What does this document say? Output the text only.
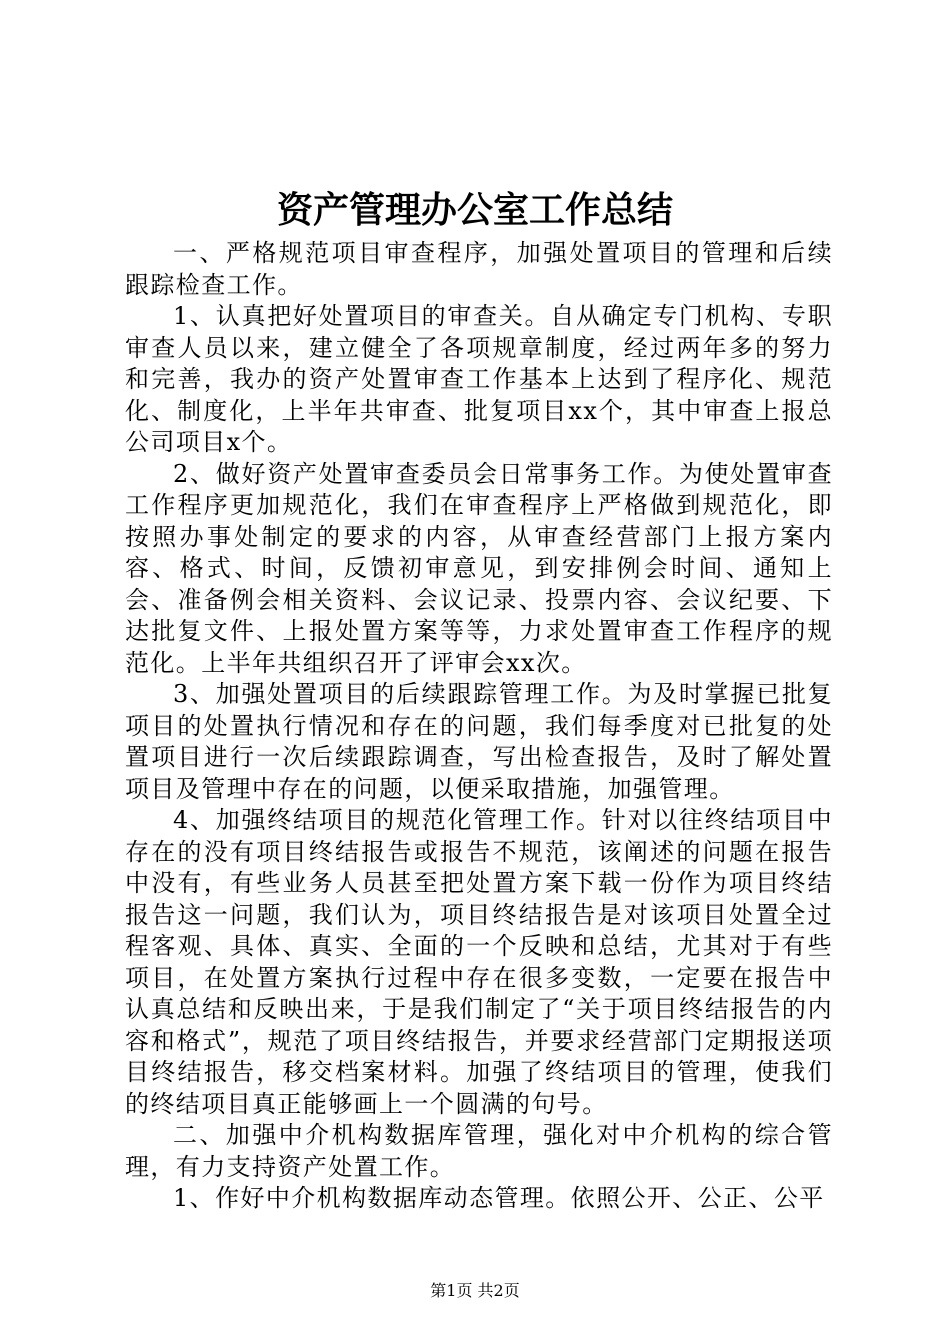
资产管理办公室工作总结

一、严格规范项目审查程序，加强处置项目的管理和后续跟踪检查工作。

1、认真把好处置项目的审查关。自从确定专门机构、专职审查人员以来，建立健全了各项规章制度，经过两年多的努力和完善，我办的资产处置审查工作基本上达到了程序化、规范化、制度化，上半年共审查、批复项目xx个，其中审查上报总公司项目x个。

2、做好资产处置审查委员会日常事务工作。为使处置审查工作程序更加规范化，我们在审查程序上严格做到规范化，即按照办事处制定的要求的内容，从审查经营部门上报方案内容、格式、时间，反馈初审意见，到安排例会时间、通知上会、准备例会相关资料、会议记录、投票内容、会议纪要、下达批复文件、上报处置方案等等，力求处置审查工作程序的规范化。上半年共组织召开了评审会xx次。

3、加强处置项目的后续跟踪管理工作。为及时掌握已批复项目的处置执行情况和存在的问题，我们每季度对已批复的处置项目进行一次后续跟踪调查，写出检查报告，及时了解处置项目及管理中存在的问题，以便采取措施，加强管理。

4、加强终结项目的规范化管理工作。针对以往终结项目中存在的没有项目终结报告或报告不规范，该阐述的问题在报告中没有，有些业务人员甚至把处置方案下载一份作为项目终结报告这一问题，我们认为，项目终结报告是对该项目处置全过程客观、具体、真实、全面的一个反映和总结，尤其对于有些项目，在处置方案执行过程中存在很多变数，一定要在报告中认真总结和反映出来，于是我们制定了“关于项目终结报告的内容和格式”，规范了项目终结报告，并要求经营部门定期报送项目终结报告，移交档案材料。加强了终结项目的管理，使我们的终结项目真正能够画上一个圆满的句号。

二、加强中介机构数据库管理，强化对中介机构的综合管理，有力支持资产处置工作。

1、作好中介机构数据库动态管理。依照公开、公正、公平

第1页 共2页
